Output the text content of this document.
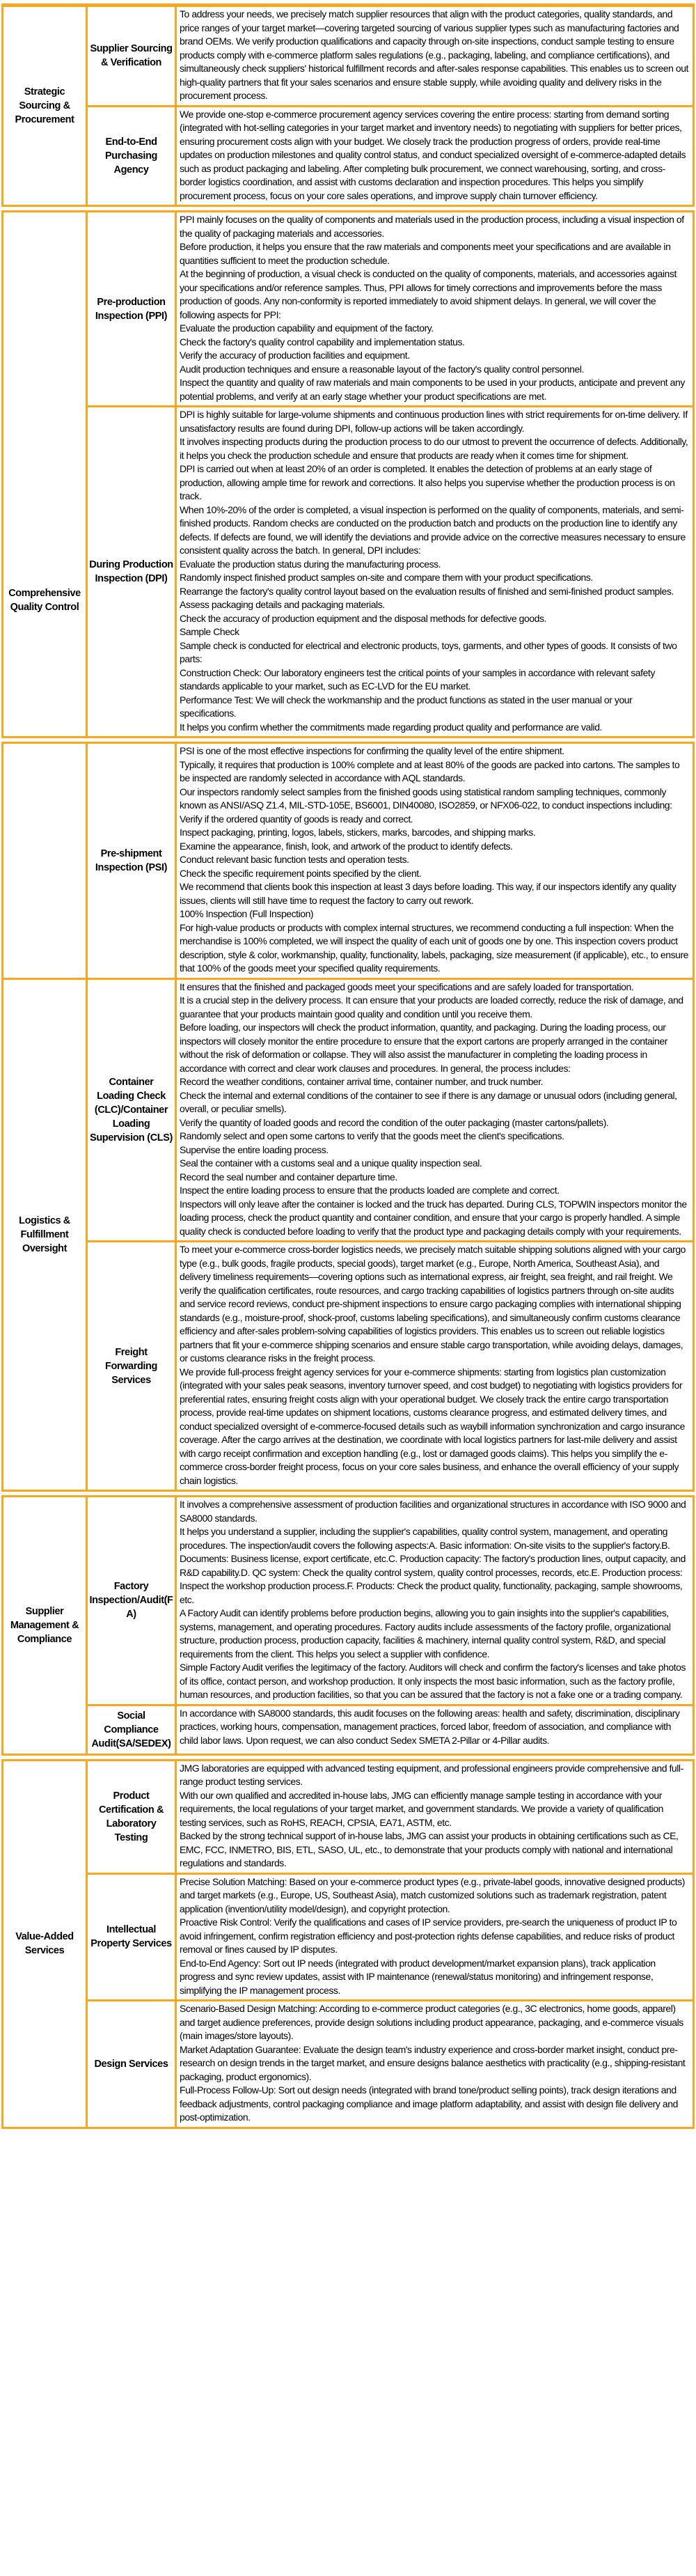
Strategic Sourcing & Procurement
Supplier Sourcing & Verification
To address your needs, we precisely match supplier resources that align with the product categories, quality standards, and price ranges of your target market—covering targeted sourcing of various supplier types such as manufacturing factories and brand OEMs. We verify production qualifications and capacity through on-site inspections, conduct sample testing to ensure products comply with e-commerce platform sales regulations (e.g., packaging, labeling, and compliance certifications), and simultaneously check suppliers' historical fulfillment records and after-sales response capabilities. This enables us to screen out high-quality partners that fit your sales scenarios and ensure stable supply, while avoiding quality and delivery risks in the procurement process.
End-to-End Purchasing Agency
We provide one-stop e-commerce procurement agency services covering the entire process: starting from demand sorting (integrated with hot-selling categories in your target market and inventory needs) to negotiating with suppliers for better prices, ensuring procurement costs align with your budget. We closely track the production progress of orders, provide real-time updates on production milestones and quality control status, and conduct specialized oversight of e-commerce-adapted details such as product packaging and labeling. After completing bulk procurement, we connect warehousing, sorting, and cross-border logistics coordination, and assist with customs declaration and inspection procedures. This helps you simplify procurement process, focus on your core sales operations, and improve supply chain turnover efficiency.
Comprehensive Quality Control
Pre-production Inspection (PPI)
PPI mainly focuses on the quality of components and materials used in the production process, including a visual inspection of the quality of packaging materials and accessories.
Before production, it helps you ensure that the raw materials and components meet your specifications and are available in quantities sufficient to meet the production schedule.
At the beginning of production, a visual check is conducted on the quality of components, materials, and accessories against your specifications and/or reference samples. Thus, PPI allows for timely corrections and improvements before the mass production of goods. Any non-conformity is reported immediately to avoid shipment delays. In general, we will cover the following aspects for PPI:
Evaluate the production capability and equipment of the factory.
Check the factory's quality control capability and implementation status.
Verify the accuracy of production facilities and equipment.
Audit production techniques and ensure a reasonable layout of the factory's quality control personnel.
Inspect the quantity and quality of raw materials and main components to be used in your products, anticipate and prevent any potential problems, and verify at an early stage whether your product specifications are met.
During Production Inspection (DPI)
DPI is highly suitable for large-volume shipments and continuous production lines with strict requirements for on-time delivery. If unsatisfactory results are found during DPI, follow-up actions will be taken accordingly.
It involves inspecting products during the production process to do our utmost to prevent the occurrence of defects. Additionally, it helps you check the production schedule and ensure that products are ready when it comes time for shipment.
DPI is carried out when at least 20% of an order is completed. It enables the detection of problems at an early stage of production, allowing ample time for rework and corrections. It also helps you supervise whether the production process is on track.
When 10%-20% of the order is completed, a visual inspection is performed on the quality of components, materials, and semi-finished products. Random checks are conducted on the production batch and products on the production line to identify any defects. If defects are found, we will identify the deviations and provide advice on the corrective measures necessary to ensure consistent quality across the batch. In general, DPI includes:
Evaluate the production status during the manufacturing process.
Randomly inspect finished product samples on-site and compare them with your product specifications.
Rearrange the factory's quality control layout based on the evaluation results of finished and semi-finished product samples.
Assess packaging details and packaging materials.
Check the accuracy of production equipment and the disposal methods for defective goods.
Sample Check
Sample check is conducted for electrical and electronic products, toys, garments, and other types of goods. It consists of two parts:
Construction Check: Our laboratory engineers test the critical points of your samples in accordance with relevant safety standards applicable to your market, such as EC-LVD for the EU market.
Performance Test: We will check the workmanship and the product functions as stated in the user manual or your specifications.
It helps you confirm whether the commitments made regarding product quality and performance are valid.
Pre-shipment Inspection (PSI)
PSI is one of the most effective inspections for confirming the quality level of the entire shipment.
Typically, it requires that production is 100% complete and at least 80% of the goods are packed into cartons. The samples to be inspected are randomly selected in accordance with AQL standards.
Our inspectors randomly select samples from the finished goods using statistical random sampling techniques, commonly known as ANSI/ASQ Z1.4, MIL-STD-105E, BS6001, DIN40080, ISO2859, or NFX06-022, to conduct inspections including:
Verify if the ordered quantity of goods is ready and correct.
Inspect packaging, printing, logos, labels, stickers, marks, barcodes, and shipping marks.
Examine the appearance, finish, look, and artwork of the product to identify defects.
Conduct relevant basic function tests and operation tests.
Check the specific requirement points specified by the client.
We recommend that clients book this inspection at least 3 days before loading. This way, if our inspectors identify any quality issues, clients will still have time to request the factory to carry out rework.
100% Inspection (Full Inspection)
For high-value products or products with complex internal structures, we recommend conducting a full inspection: When the merchandise is 100% completed, we will inspect the quality of each unit of goods one by one. This inspection covers product description, style & color, workmanship, quality, functionality, labels, packaging, size measurement (if applicable), etc., to ensure that 100% of the goods meet your specified quality requirements.
Logistics & Fulfillment Oversight
Container Loading Check (CLC)/Container Loading Supervision (CLS)
It ensures that the finished and packaged goods meet your specifications and are safely loaded for transportation.
It is a crucial step in the delivery process. It can ensure that your products are loaded correctly, reduce the risk of damage, and guarantee that your products maintain good quality and condition until you receive them.
Before loading, our inspectors will check the product information, quantity, and packaging. During the loading process, our inspectors will closely monitor the entire procedure to ensure that the export cartons are properly arranged in the container without the risk of deformation or collapse. They will also assist the manufacturer in completing the loading process in accordance with correct and clear work clauses and procedures. In general, the process includes:
Record the weather conditions, container arrival time, container number, and truck number.
Check the internal and external conditions of the container to see if there is any damage or unusual odors (including general, overall, or peculiar smells).
Verify the quantity of loaded goods and record the condition of the outer packaging (master cartons/pallets).
Randomly select and open some cartons to verify that the goods meet the client's specifications.
Supervise the entire loading process.
Seal the container with a customs seal and a unique quality inspection seal.
Record the seal number and container departure time.
Inspect the entire loading process to ensure that the products loaded are complete and correct.
Inspectors will only leave after the container is locked and the truck has departed. During CLS, TOPWIN inspectors monitor the loading process, check the product quantity and container condition, and ensure that your cargo is properly handled. A simple quality check is conducted before loading to verify that the product type and packaging details comply with your requirements.
Freight Forwarding Services
To meet your e-commerce cross-border logistics needs, we precisely match suitable shipping solutions aligned with your cargo type (e.g., bulk goods, fragile products, special goods), target market (e.g., Europe, North America, Southeast Asia), and delivery timeliness requirements—covering options such as international express, air freight, sea freight, and rail freight. We verify the qualification certificates, route resources, and cargo tracking capabilities of logistics partners through on-site audits and service record reviews, conduct pre-shipment inspections to ensure cargo packaging complies with international shipping standards (e.g., moisture-proof, shock-proof, customs labeling specifications), and simultaneously confirm customs clearance efficiency and after-sales problem-solving capabilities of logistics providers. This enables us to screen out reliable logistics partners that fit your e-commerce shipping scenarios and ensure stable cargo transportation, while avoiding delays, damages, or customs clearance risks in the freight process.
We provide full-process freight agency services for your e-commerce shipments: starting from logistics plan customization (integrated with your sales peak seasons, inventory turnover speed, and cost budget) to negotiating with logistics providers for preferential rates, ensuring freight costs align with your operational budget. We closely track the entire cargo transportation process, provide real-time updates on shipment locations, customs clearance progress, and estimated delivery times, and conduct specialized oversight of e-commerce-focused details such as waybill information synchronization and cargo insurance coverage. After the cargo arrives at the destination, we coordinate with local logistics partners for last-mile delivery and assist with cargo receipt confirmation and exception handling (e.g., lost or damaged goods claims). This helps you simplify the e-commerce cross-border freight process, focus on your core sales business, and enhance the overall efficiency of your supply chain logistics.
Supplier Management & Compliance
Factory Inspection/Audit(FA)
It involves a comprehensive assessment of production facilities and organizational structures in accordance with ISO 9000 and SA8000 standards.
It helps you understand a supplier, including the supplier's capabilities, quality control system, management, and operating procedures. The inspection/audit covers the following aspects:A. Basic information: On-site visits to the supplier's factory.B. Documents: Business license, export certificate, etc.C. Production capacity: The factory's production lines, output capacity, and R&D capability.D. QC system: Check the quality control system, quality control processes, records, etc.E. Production process: Inspect the workshop production process.F. Products: Check the product quality, functionality, packaging, sample showrooms, etc.
A Factory Audit can identify problems before production begins, allowing you to gain insights into the supplier's capabilities, systems, management, and operating procedures. Factory audits include assessments of the factory profile, organizational structure, production process, production capacity, facilities & machinery, internal quality control system, R&D, and special requirements from the client. This helps you select a supplier with confidence.
Simple Factory Audit verifies the legitimacy of the factory. Auditors will check and confirm the factory's licenses and take photos of its office, contact person, and workshop production. It only inspects the most basic information, such as the factory profile, human resources, and production facilities, so that you can be assured that the factory is not a fake one or a trading company.
Social Compliance Audit(SA/SEDEX)
In accordance with SA8000 standards, this audit focuses on the following areas: health and safety, discrimination, disciplinary practices, working hours, compensation, management practices, forced labor, freedom of association, and compliance with child labor laws. Upon request, we can also conduct Sedex SMETA 2-Pillar or 4-Pillar audits.
Value-Added Services
Product Certification & Laboratory Testing
JMG laboratories are equipped with advanced testing equipment, and professional engineers provide comprehensive and full-range product testing services.
With our own qualified and accredited in-house labs, JMG can efficiently manage sample testing in accordance with your requirements, the local regulations of your target market, and government standards. We provide a variety of qualification testing services, such as RoHS, REACH, CPSIA, EA71, ASTM, etc.
Backed by the strong technical support of in-house labs, JMG can assist your products in obtaining certifications such as CE, EMC, FCC, INMETRO, BIS, ETL, SASO, UL, etc., to demonstrate that your products comply with national and international regulations and standards.
Intellectual Property Services
Precise Solution Matching: Based on your e-commerce product types (e.g., private-label goods, innovative designed products) and target markets (e.g., Europe, US, Southeast Asia), match customized solutions such as trademark registration, patent application (invention/utility model/design), and copyright protection.
Proactive Risk Control: Verify the qualifications and cases of IP service providers, pre-search the uniqueness of product IP to avoid infringement, confirm registration efficiency and post-protection rights defense capabilities, and reduce risks of product removal or fines caused by IP disputes.
End-to-End Agency: Sort out IP needs (integrated with product development/market expansion plans), track application progress and sync review updates, assist with IP maintenance (renewal/status monitoring) and infringement response, simplifying the IP management process.
Design Services
Scenario-Based Design Matching: According to e-commerce product categories (e.g., 3C electronics, home goods, apparel) and target audience preferences, provide design solutions including product appearance, packaging, and e-commerce visuals (main images/store layouts).
Market Adaptation Guarantee: Evaluate the design team's industry experience and cross-border market insight, conduct pre-research on design trends in the target market, and ensure designs balance aesthetics with practicality (e.g., shipping-resistant packaging, product ergonomics).
Full-Process Follow-Up: Sort out design needs (integrated with brand tone/product selling points), track design iterations and feedback adjustments, control packaging compliance and image platform adaptability, and assist with design file delivery and post-optimization.
